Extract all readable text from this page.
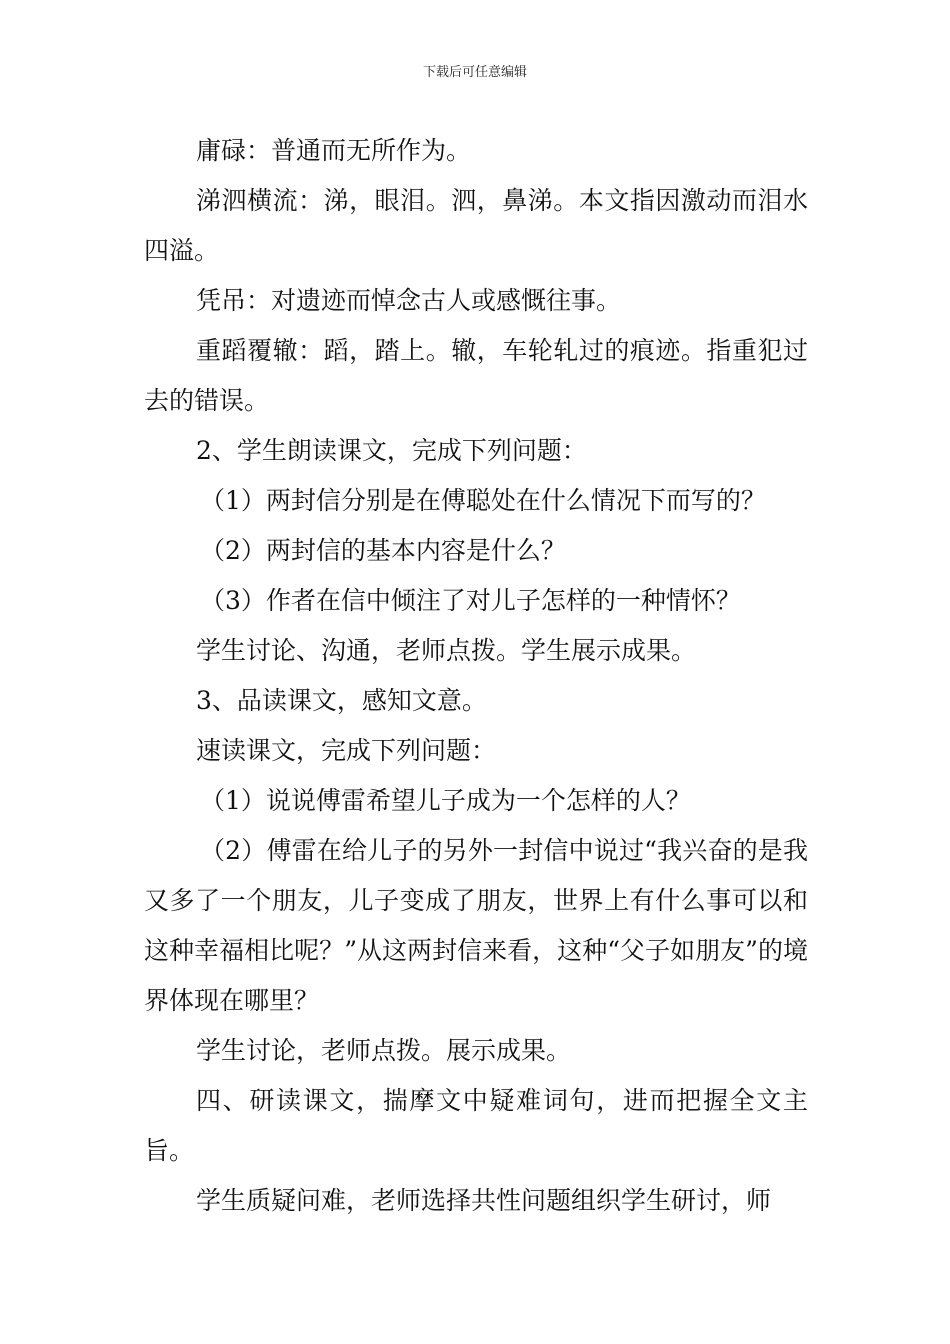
下载后可任意编辑

庸碌：普通而无所作为。

涕泗横流：涕，眼泪。泗，鼻涕。本文指因激动而泪水四溢。

凭吊：对遗迹而悼念古人或感慨往事。

重蹈覆辙：蹈，踏上。辙，车轮轧过的痕迹。指重犯过去的错误。

2、学生朗读课文，完成下列问题：

（1）两封信分别是在傅聪处在什么情况下而写的？

（2）两封信的基本内容是什么？

（3）作者在信中倾注了对儿子怎样的一种情怀？

学生讨论、沟通，老师点拨。学生展示成果。

3、品读课文，感知文意。

速读课文，完成下列问题：

（1）说说傅雷希望儿子成为一个怎样的人？

（2）傅雷在给儿子的另外一封信中说过“我兴奋的是我又多了一个朋友，儿子变成了朋友，世界上有什么事可以和这种幸福相比呢？”从这两封信来看，这种“父子如朋友”的境界体现在哪里？

学生讨论，老师点拨。展示成果。

四、研读课文，揣摩文中疑难词句，进而把握全文主旨。

学生质疑问难，老师选择共性问题组织学生研讨，师
